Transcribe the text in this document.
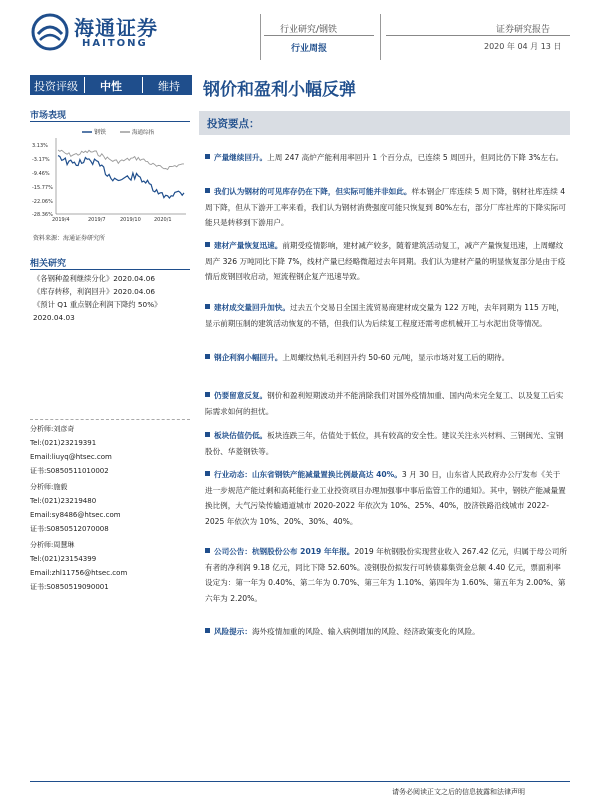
海通证券
HAITONG
行业研究/钢铁
行业周报
证券研究报告
2020 年 04 月 13 日
投资评级 中性	维持 钢价和盈利小幅反弹
市场表现
钢铁	海通综指
3.13%
-3.17%
-9.46%
-15.77%
-22.06%
-28.36%
2019/4	2019/7	2019/10	2020/1
资料来源：海通证券研究所
相关研究
《各钢种盈利继续分化》2020.04.06
《库存转移，利润回升》2020.04.06
《预计 Q1 重点钢企利润下降约 50%》
2020.04.03
分析师:刘彦奇
Tel:(021)23219391
Email:liuyq@htsec.com
证书:S0850511010002
分析师:施毅
Tel:(021)23219480
Email:sy8486@htsec.com
证书:S0850512070008
分析师:周慧琳
Tel:(021)23154399
Email:zhl11756@htsec.com
证书:S0850519090001
投资要点：
产量继续回升。上周 247 高炉产能利用率回升 1 个百分点，已连续 5 周回升，但同比仍下降 3%左右。
我们认为钢材的可见库存仍在下降，但实际可能并非如此。样本钢企厂库连续 5 周下降，钢材社库连续 4 周下降，但从下游开工率来看，我们认为钢材消费强度可能只恢复到 80%左右，部分厂库社库的下降实际可能只是转移到下游用户。
建材产量恢复迅速。前期受疫情影响，建材减产较多，随着建筑活动复工，减产产量恢复迅速，上周螺纹周产 326 万吨同比下降 7%，线材产量已经略微超过去年同期。我们认为建材产量的明显恢复部分是由于疫情后废钢回收启动，短流程钢企复产迅速导致。
建材成交量回升加快。过去五个交易日全国主流贸易商建材成交量为 122 万吨，去年同期为 115 万吨，显示前期压制的建筑活动恢复的不错，但我们认为后续复工程度还需考虑机械开工与水泥出货等情况。
钢企利润小幅回升。上周螺纹热轧毛利回升约 50-60 元/吨，显示市场对复工后的期待。
仍要留意反复。钢价和盈利短期波动并不能消除我们对国外疫情加重、国内尚未完全复工、以及复工后实际需求如何的担忧。
板块估值仍低。板块连跌三年，估值处于低位，具有较高的安全性。建议关注永兴材料、三钢闽光、宝钢股份、华菱钢铁等。
行业动态：山东省钢铁产能减量置换比例最高达 40%。3 月 30 日，山东省人民政府办公厅发布《关于进一步规范产能过剩和高耗能行业工业投资项目办理加强事中事后监管工作的通知》。其中，钢铁产能减量置换比例，大气污染传输通道城市 2020-2022 年依次为 10%、25%、40%，胶济铁路沿线城市 2022-2025 年依次为 10%、20%、30%、40%。
公司公告：杭钢股份公布 2019 年年报。2019 年杭钢股份实现营业收入 267.42 亿元，归属于母公司所有者的净利润 9.18 亿元，同比下降 52.60%。凌钢股份拟发行可转债募集资金总额 4.40 亿元，票面利率设定为：第一年为 0.40%、第二年为 0.70%、第三年为 1.10%、第四年为 1.60%、第五年为 2.00%、第六年为 2.20%。
风险提示：海外疫情加重的风险、输入病例增加的风险、经济政策变化的风险。
请务必阅读正文之后的信息披露和法律声明
